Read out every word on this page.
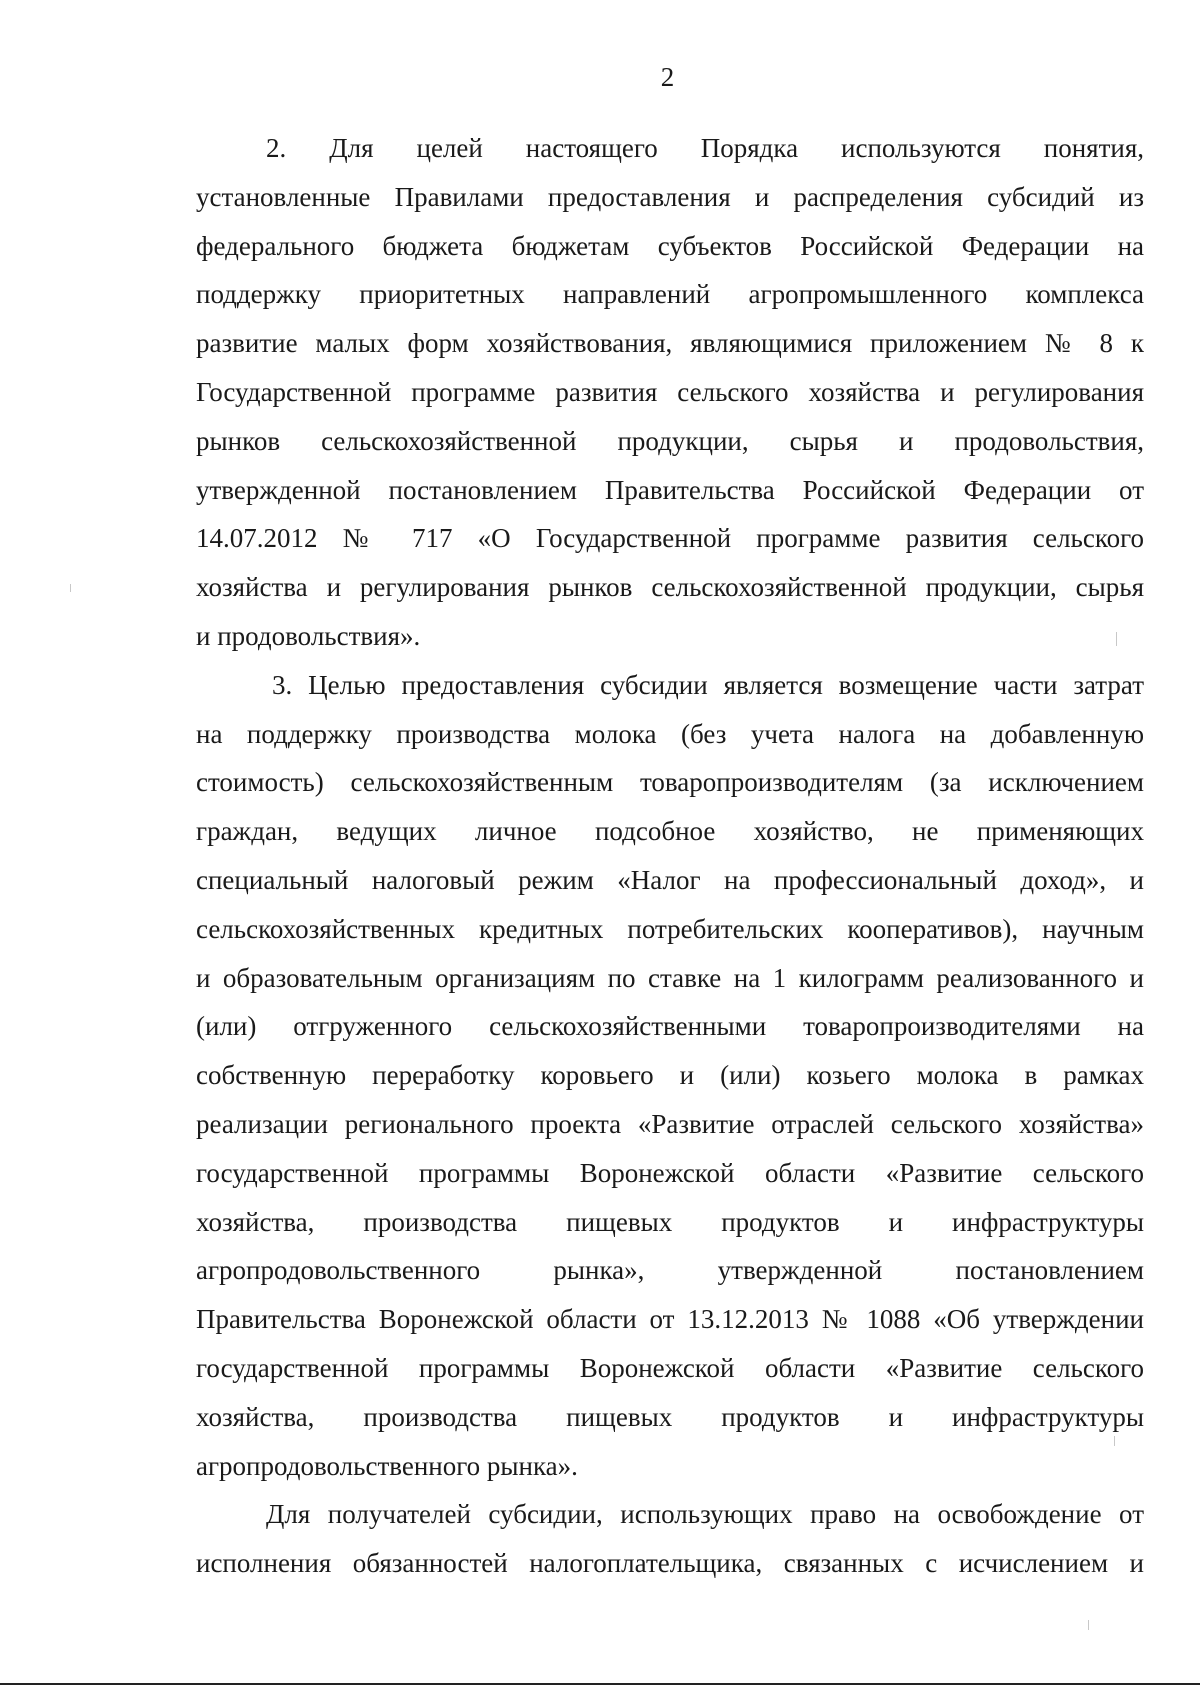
2
2. Для целей настоящего Порядка используются понятия,
установленные Правилами предоставления и распределения субсидий из
федерального бюджета бюджетам субъектов Российской Федерации на
поддержку приоритетных направлений агропромышленного комплекса
развитие малых форм хозяйствования, являющимися приложением № 8 к
Государственной программе развития сельского хозяйства и регулирования
рынков сельскохозяйственной продукции, сырья и продовольствия,
утвержденной постановлением Правительства Российской Федерации от
14.07.2012 № 717 «О Государственной программе развития сельского
хозяйства и регулирования рынков сельскохозяйственной продукции, сырья
и продовольствия».
3. Целью предоставления субсидии является возмещение части затрат
на поддержку производства молока (без учета налога на добавленную
стоимость) сельскохозяйственным товаропроизводителям (за исключением
граждан, ведущих личное подсобное хозяйство, не применяющих
специальный налоговый режим «Налог на профессиональный доход», и
сельскохозяйственных кредитных потребительских кооперативов), научным
и образовательным организациям по ставке на 1 килограмм реализованного и
(или) отгруженного сельскохозяйственными товаропроизводителями на
собственную переработку коровьего и (или) козьего молока в рамках
реализации регионального проекта «Развитие отраслей сельского хозяйства»
государственной программы Воронежской области «Развитие сельского
хозяйства, производства пищевых продуктов и инфраструктуры
агропродовольственного рынка», утвержденной постановлением
Правительства Воронежской области от 13.12.2013 № 1088 «Об утверждении
государственной программы Воронежской области «Развитие сельского
хозяйства, производства пищевых продуктов и инфраструктуры
агропродовольственного рынка».
Для получателей субсидии, использующих право на освобождение от
исполнения обязанностей налогоплательщика, связанных с исчислением и
